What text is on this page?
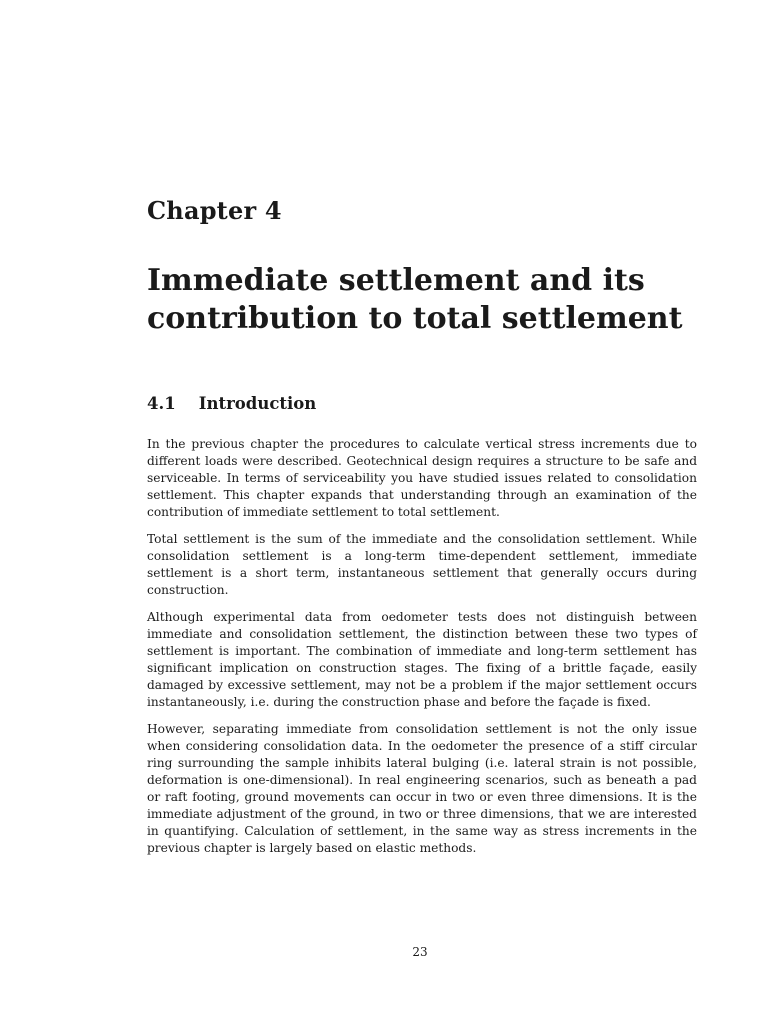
Chapter 4
Immediate settlement and its
contribution to total settlement
4.1 Introduction

In the previous chapter the procedures to calculate vertical stress increments due to different loads were described. Geotechnical design requires a structure to be safe and serviceable. In terms of serviceability you have studied issues related to consolidation settlement. This chapter expands that understanding through an examination of the contribution of immediate settlement to total settlement.

Total settlement is the sum of the immediate and the consolidation settlement. While consolidation settlement is a long-term time-dependent settlement, immediate settlement is a short term, instantaneous settlement that generally occurs during construction.

Although experimental data from oedometer tests does not distinguish between immediate and consolidation settlement, the distinction between these two types of settlement is important. The combination of immediate and long-term settlement has significant implication on construction stages. The fixing of a brittle façade, easily damaged by excessive settlement, may not be a problem if the major settlement occurs instantaneously, i.e. during the construction phase and before the façade is fixed.

However, separating immediate from consolidation settlement is not the only issue when considering consolidation data. In the oedometer the presence of a stiff circular ring surrounding the sample inhibits lateral bulging (i.e. lateral strain is not possible, deformation is one-dimensional). In real engineering scenarios, such as beneath a pad or raft footing, ground movements can occur in two or even three dimensions. It is the immediate adjustment of the ground, in two or three dimensions, that we are interested in quantifying. Calculation of settlement, in the same way as stress increments in the previous chapter is largely based on elastic methods.

23
